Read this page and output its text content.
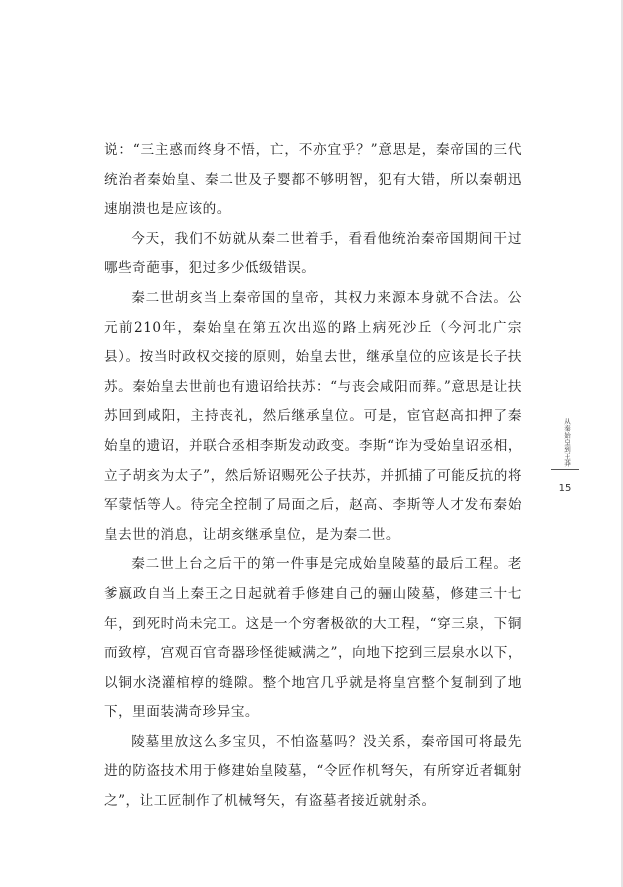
说：“三主惑而终身不悟，亡，不亦宜乎？”意思是，秦帝国的三代统治者秦始皇、秦二世及子婴都不够明智，犯有大错，所以秦朝迅速崩溃也是应该的。

今天，我们不妨就从秦二世着手，看看他统治秦帝国期间干过哪些奇葩事，犯过多少低级错误。

秦二世胡亥当上秦帝国的皇帝，其权力来源本身就不合法。公元前210年，秦始皇在第五次出巡的路上病死沙丘（今河北广宗县）。按当时政权交接的原则，始皇去世，继承皇位的应该是长子扶苏。秦始皇去世前也有遗诏给扶苏：“与丧会咸阳而葬。”意思是让扶苏回到咸阳，主持丧礼，然后继承皇位。可是，宦官赵高扣押了秦始皇的遗诏，并联合丞相李斯发动政变。李斯“诈为受始皇诏丞相，立子胡亥为太子”，然后矫诏赐死公子扶苏，并抓捕了可能反抗的将军蒙恬等人。待完全控制了局面之后，赵高、李斯等人才发布秦始皇去世的消息，让胡亥继承皇位，是为秦二世。

秦二世上台之后干的第一件事是完成始皇陵墓的最后工程。老爹嬴政自当上秦王之日起就着手修建自己的骊山陵墓，修建三十七年，到死时尚未完工。这是一个穷奢极欲的大工程，“穿三泉，下铜而致椁，宫观百官奇器珍怪徙臧满之”，向地下挖到三层泉水以下，以铜水浇灌棺椁的缝隙。整个地宫几乎就是将皇宫整个复制到了地下，里面装满奇珍异宝。

陵墓里放这么多宝贝，不怕盗墓吗？没关系，秦帝国可将最先进的防盗技术用于修建始皇陵墓，“令匠作机弩矢，有所穿近者辄射之”，让工匠制作了机械弩矢，有盗墓者接近就射杀。

从秦始皇到王莽
15
